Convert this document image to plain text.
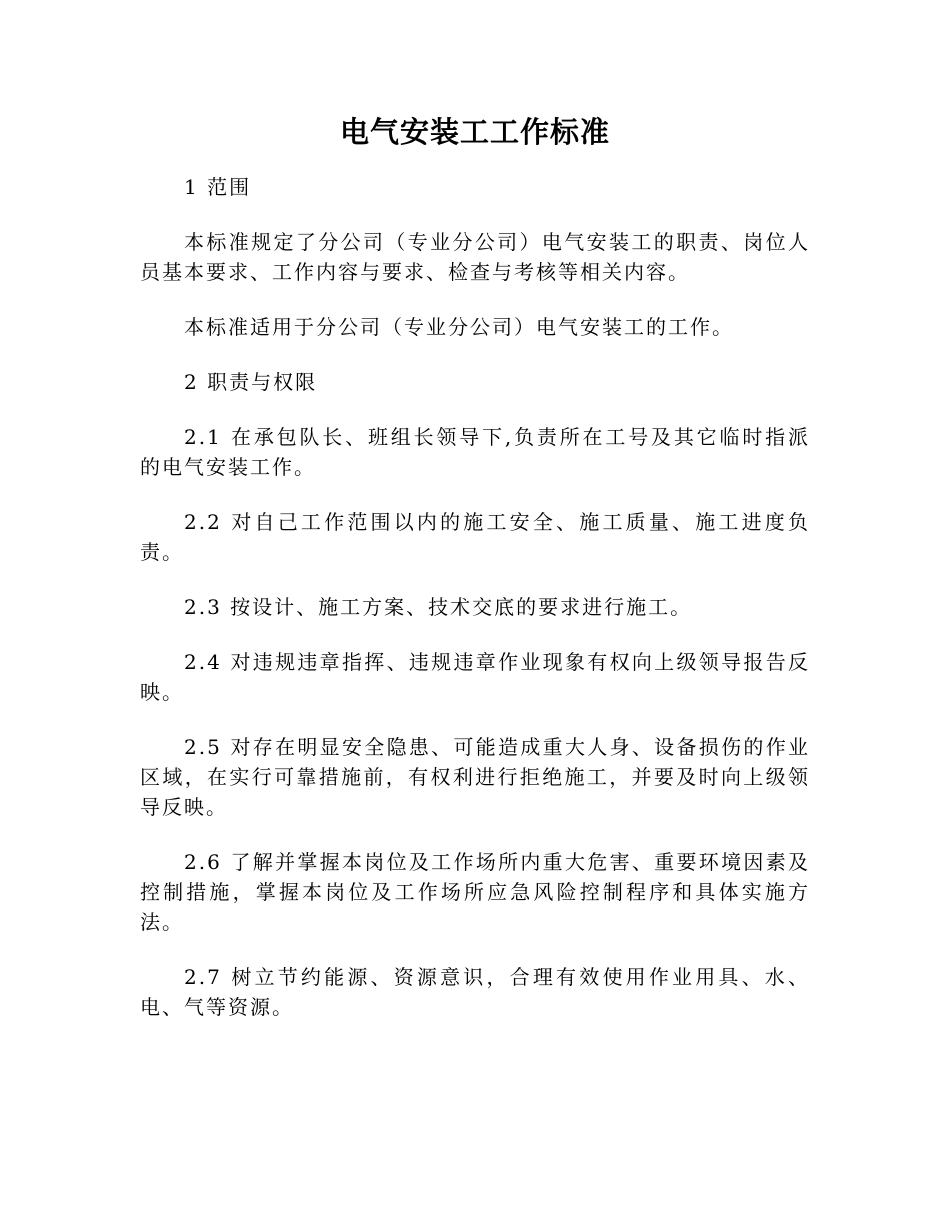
电气安装工工作标准

1 范围

本标准规定了分公司（专业分公司）电气安装工的职责、岗位人员基本要求、工作内容与要求、检查与考核等相关内容。

本标准适用于分公司（专业分公司）电气安装工的工作。

2 职责与权限

2.1 在承包队长、班组长领导下,负责所在工号及其它临时指派的电气安装工作。

2.2 对自己工作范围以内的施工安全、施工质量、施工进度负责。

2.3 按设计、施工方案、技术交底的要求进行施工。

2.4 对违规违章指挥、违规违章作业现象有权向上级领导报告反映。

2.5 对存在明显安全隐患、可能造成重大人身、设备损伤的作业区域，在实行可靠措施前，有权利进行拒绝施工，并要及时向上级领导反映。

2.6 了解并掌握本岗位及工作场所内重大危害、重要环境因素及控制措施，掌握本岗位及工作场所应急风险控制程序和具体实施方法。

2.7 树立节约能源、资源意识，合理有效使用作业用具、水、电、气等资源。
